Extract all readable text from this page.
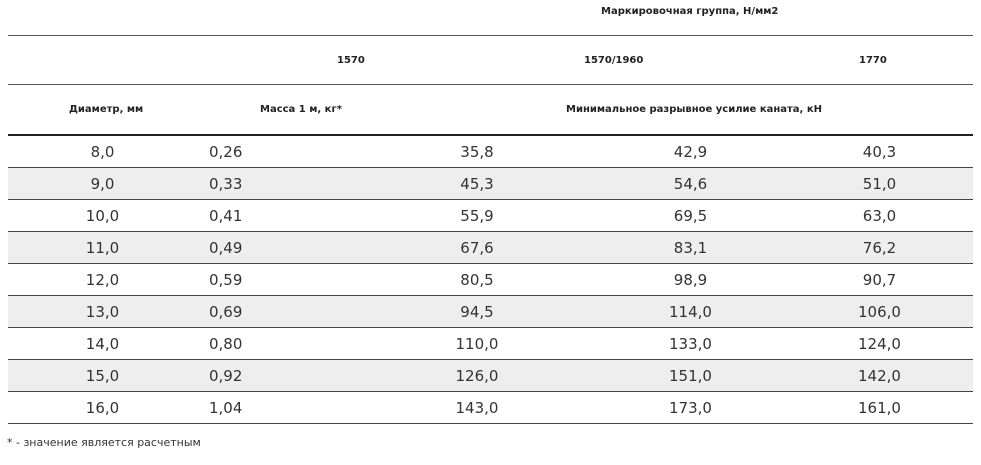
Маркировочная группа, Н/мм2
1570	1570/1960	1770
Диаметр, мм	Масса 1 м, кг*	Минимальное разрывное усилие каната, кН
8,0	0,26	35,8	42,9	40,3
9,0	0,33	45,3	54,6	51,0
10,0	0,41	55,9	69,5	63,0
11,0	0,49	67,6	83,1	76,2
12,0	0,59	80,5	98,9	90,7
13,0	0,69	94,5	114,0	106,0
14,0	0,80	110,0	133,0	124,0
15,0	0,92	126,0	151,0	142,0
16,0	1,04	143,0	173,0	161,0
* - значение является расчетным
